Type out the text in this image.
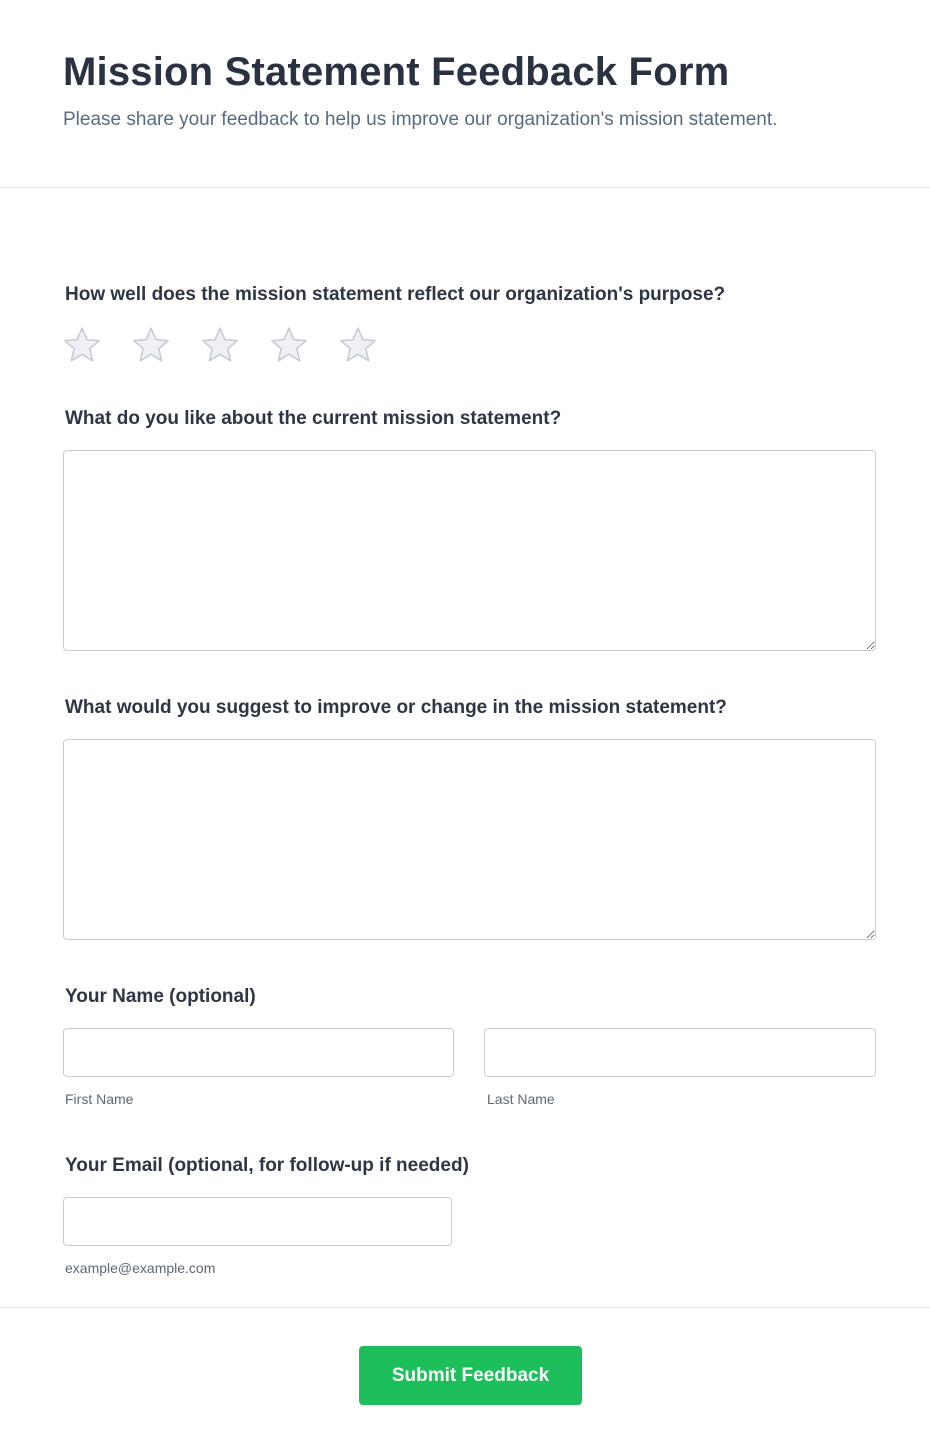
Mission Statement Feedback Form

Please share your feedback to help us improve our organization's mission statement.

How well does the mission statement reflect our organization's purpose?

What do you like about the current mission statement?

What would you suggest to improve or change in the mission statement?

Your Name (optional)

First Name	Last Name

Your Email (optional, for follow-up if needed)

example@example.com

Submit Feedback
